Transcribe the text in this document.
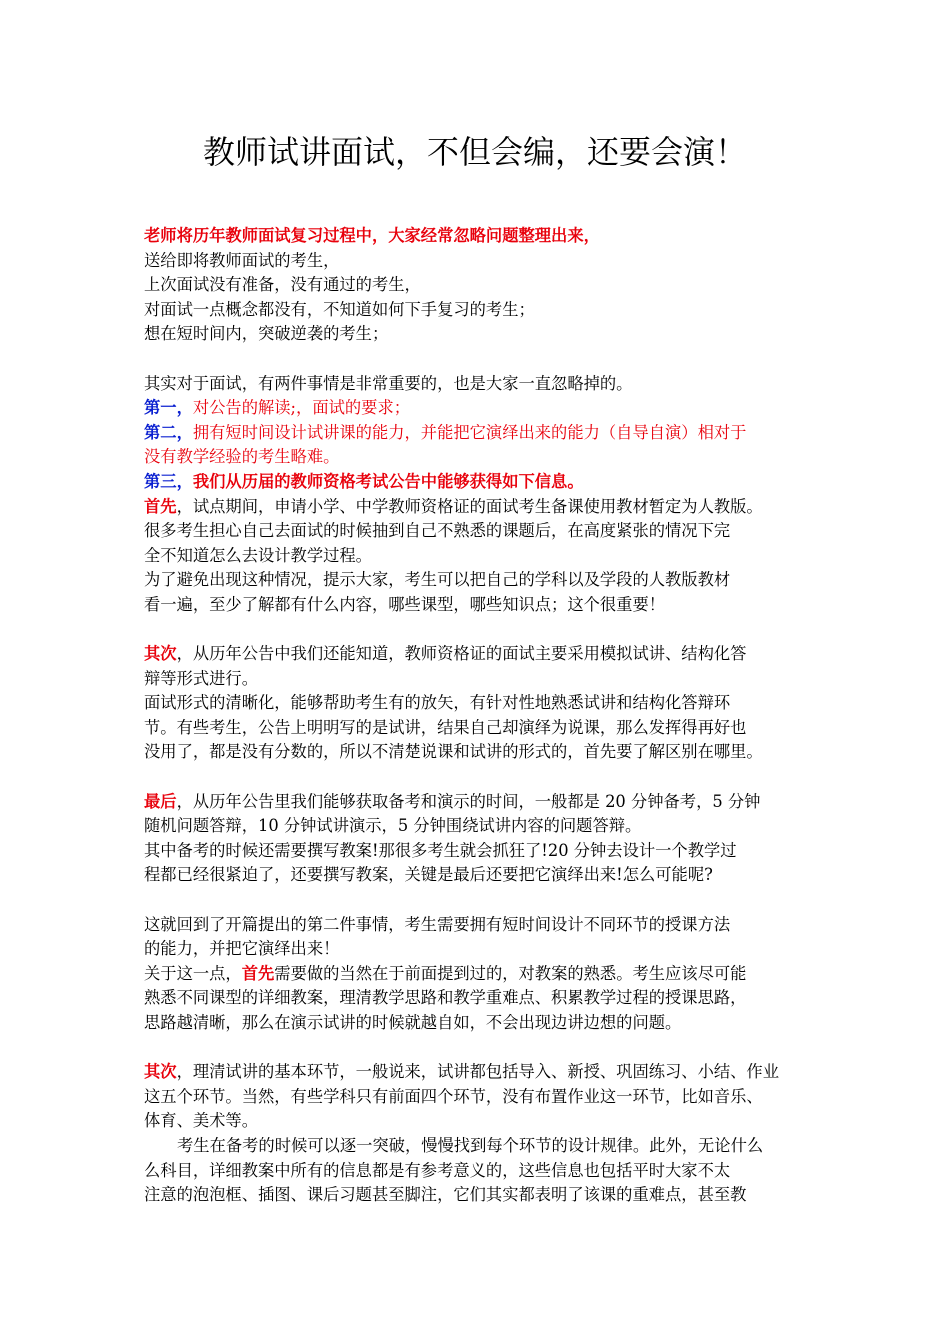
教师试讲面试，不但会编，还要会演！
老师将历年教师面试复习过程中，大家经常忽略问题整理出来，
送给即将教师面试的考生，
上次面试没有准备，没有通过的考生，
对面试一点概念都没有，不知道如何下手复习的考生；
想在短时间内，突破逆袭的考生；
其实对于面试，有两件事情是非常重要的，也是大家一直忽略掉的。
第一，对公告的解读;，面试的要求；
第二，拥有短时间设计试讲课的能力，并能把它演绎出来的能力（自导自演）相对于
没有教学经验的考生略难。
第三，我们从历届的教师资格考试公告中能够获得如下信息。
首先，试点期间，申请小学、中学教师资格证的面试考生备课使用教材暂定为人教版。
很多考生担心自己去面试的时候抽到自己不熟悉的课题后，在高度紧张的情况下完
全不知道怎么去设计教学过程。
为了避免出现这种情况，提示大家，考生可以把自己的学科以及学段的人教版教材
看一遍，至少了解都有什么内容，哪些课型，哪些知识点；这个很重要！
其次，从历年公告中我们还能知道，教师资格证的面试主要采用模拟试讲、结构化答
辩等形式进行。
面试形式的清晰化，能够帮助考生有的放矢，有针对性地熟悉试讲和结构化答辩环
节。有些考生，公告上明明写的是试讲，结果自己却演绎为说课，那么发挥得再好也
没用了，都是没有分数的，所以不清楚说课和试讲的形式的，首先要了解区别在哪里。
最后，从历年公告里我们能够获取备考和演示的时间，一般都是 20 分钟备考，5 分钟
随机问题答辩，10 分钟试讲演示，5 分钟围绕试讲内容的问题答辩。
其中备考的时候还需要撰写教案!那很多考生就会抓狂了!20 分钟去设计一个教学过
程都已经很紧迫了，还要撰写教案，关键是最后还要把它演绎出来!怎么可能呢?
这就回到了开篇提出的第二件事情，考生需要拥有短时间设计不同环节的授课方法
的能力，并把它演绎出来！
关于这一点，首先需要做的当然在于前面提到过的，对教案的熟悉。考生应该尽可能
熟悉不同课型的详细教案，理清教学思路和教学重难点、积累教学过程的授课思路，
思路越清晰，那么在演示试讲的时候就越自如，不会出现边讲边想的问题。
其次，理清试讲的基本环节，一般说来，试讲都包括导入、新授、巩固练习、小结、作业
这五个环节。当然，有些学科只有前面四个环节，没有布置作业这一环节，比如音乐、
体育、美术等。
考生在备考的时候可以逐一突破，慢慢找到每个环节的设计规律。此外，无论什么
么科目，详细教案中所有的信息都是有参考意义的，这些信息也包括平时大家不太
注意的泡泡框、插图、课后习题甚至脚注，它们其实都表明了该课的重难点，甚至教
